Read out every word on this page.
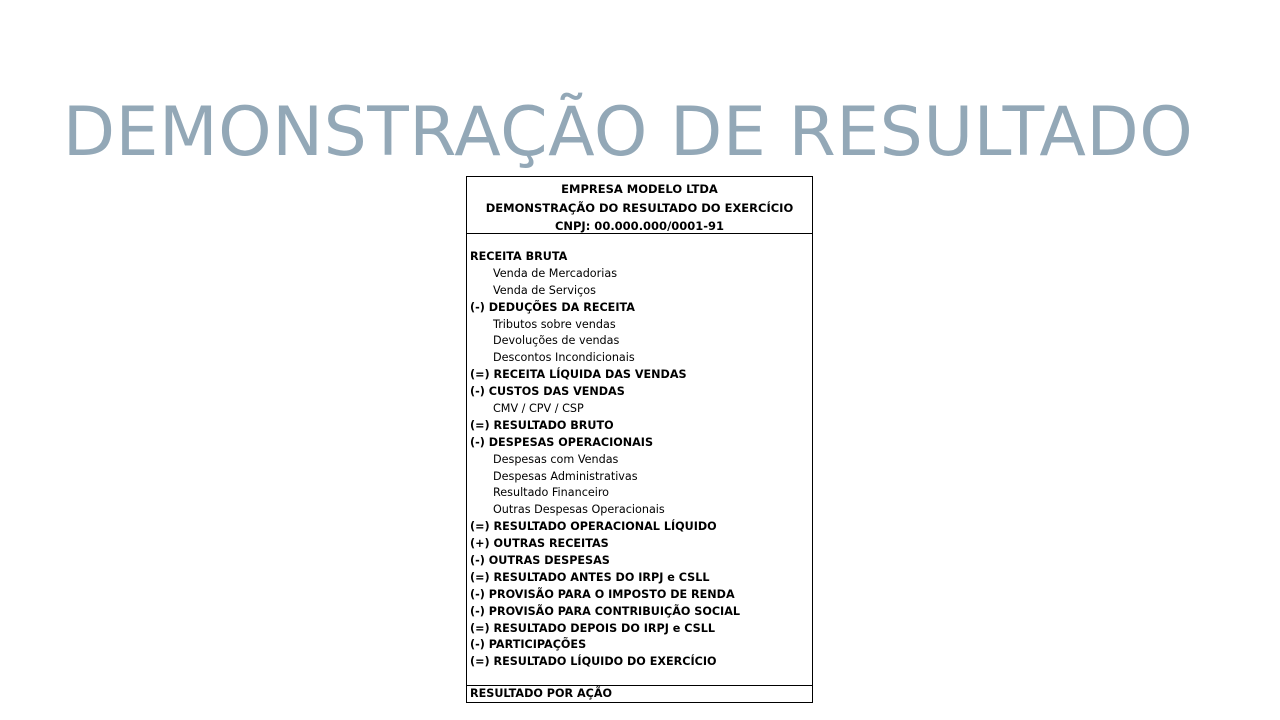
DEMONSTRAÇÃO DE RESULTADO
EMPRESA MODELO LTDA
DEMONSTRAÇÃO DO RESULTADO DO EXERCÍCIO
CNPJ: 00.000.000/0001-91
RECEITA BRUTA
Venda de Mercadorias
Venda de Serviços
(-) DEDUÇÕES DA RECEITA
Tributos sobre vendas
Devoluções de vendas
Descontos Incondicionais
(=) RECEITA LÍQUIDA DAS VENDAS
(-) CUSTOS DAS VENDAS
CMV / CPV / CSP
(=) RESULTADO BRUTO
(-) DESPESAS OPERACIONAIS
Despesas com Vendas
Despesas Administrativas
Resultado Financeiro
Outras Despesas Operacionais
(=) RESULTADO OPERACIONAL LÍQUIDO
(+) OUTRAS RECEITAS
(-) OUTRAS DESPESAS
(=) RESULTADO ANTES DO IRPJ e CSLL
(-) PROVISÃO PARA O IMPOSTO DE RENDA
(-) PROVISÃO PARA CONTRIBUIÇÃO SOCIAL
(=) RESULTADO DEPOIS DO IRPJ e CSLL
(-) PARTICIPAÇÕES
(=) RESULTADO LÍQUIDO DO EXERCÍCIO
RESULTADO POR AÇÃO
